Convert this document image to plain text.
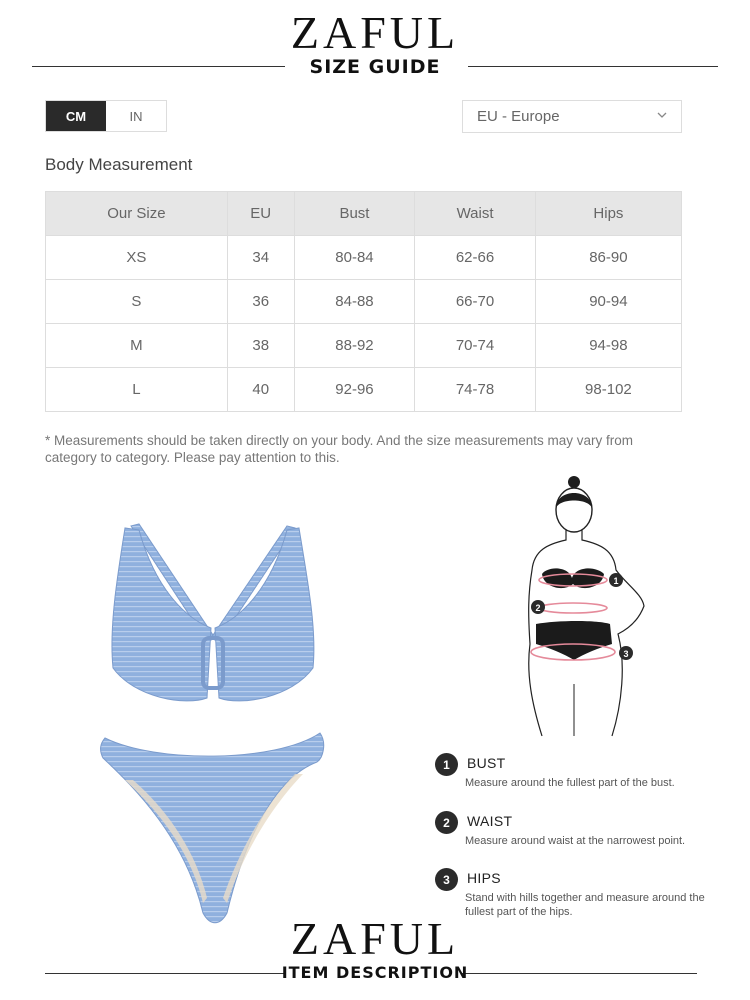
ZAFUL
SIZE GUIDE
CM	IN	EU - Europe
Body Measurement
Our Size	EU	Bust	Waist	Hips
XS	34	80-84	62-66	86-90
S	36	84-88	66-70	90-94
M	38	88-92	70-74	94-98
L	40	92-96	74-78	98-102
* Measurements should be taken directly on your body. And the size measurements may vary from category to category. Please pay attention to this.
1
2
3
1	BUST
Measure around the fullest part of the bust.
2	WAIST
Measure around waist at the narrowest point.
3	HIPS
Stand with hills together and measure around the fullest part of the hips.
ZAFUL
ITEM DESCRIPTION
